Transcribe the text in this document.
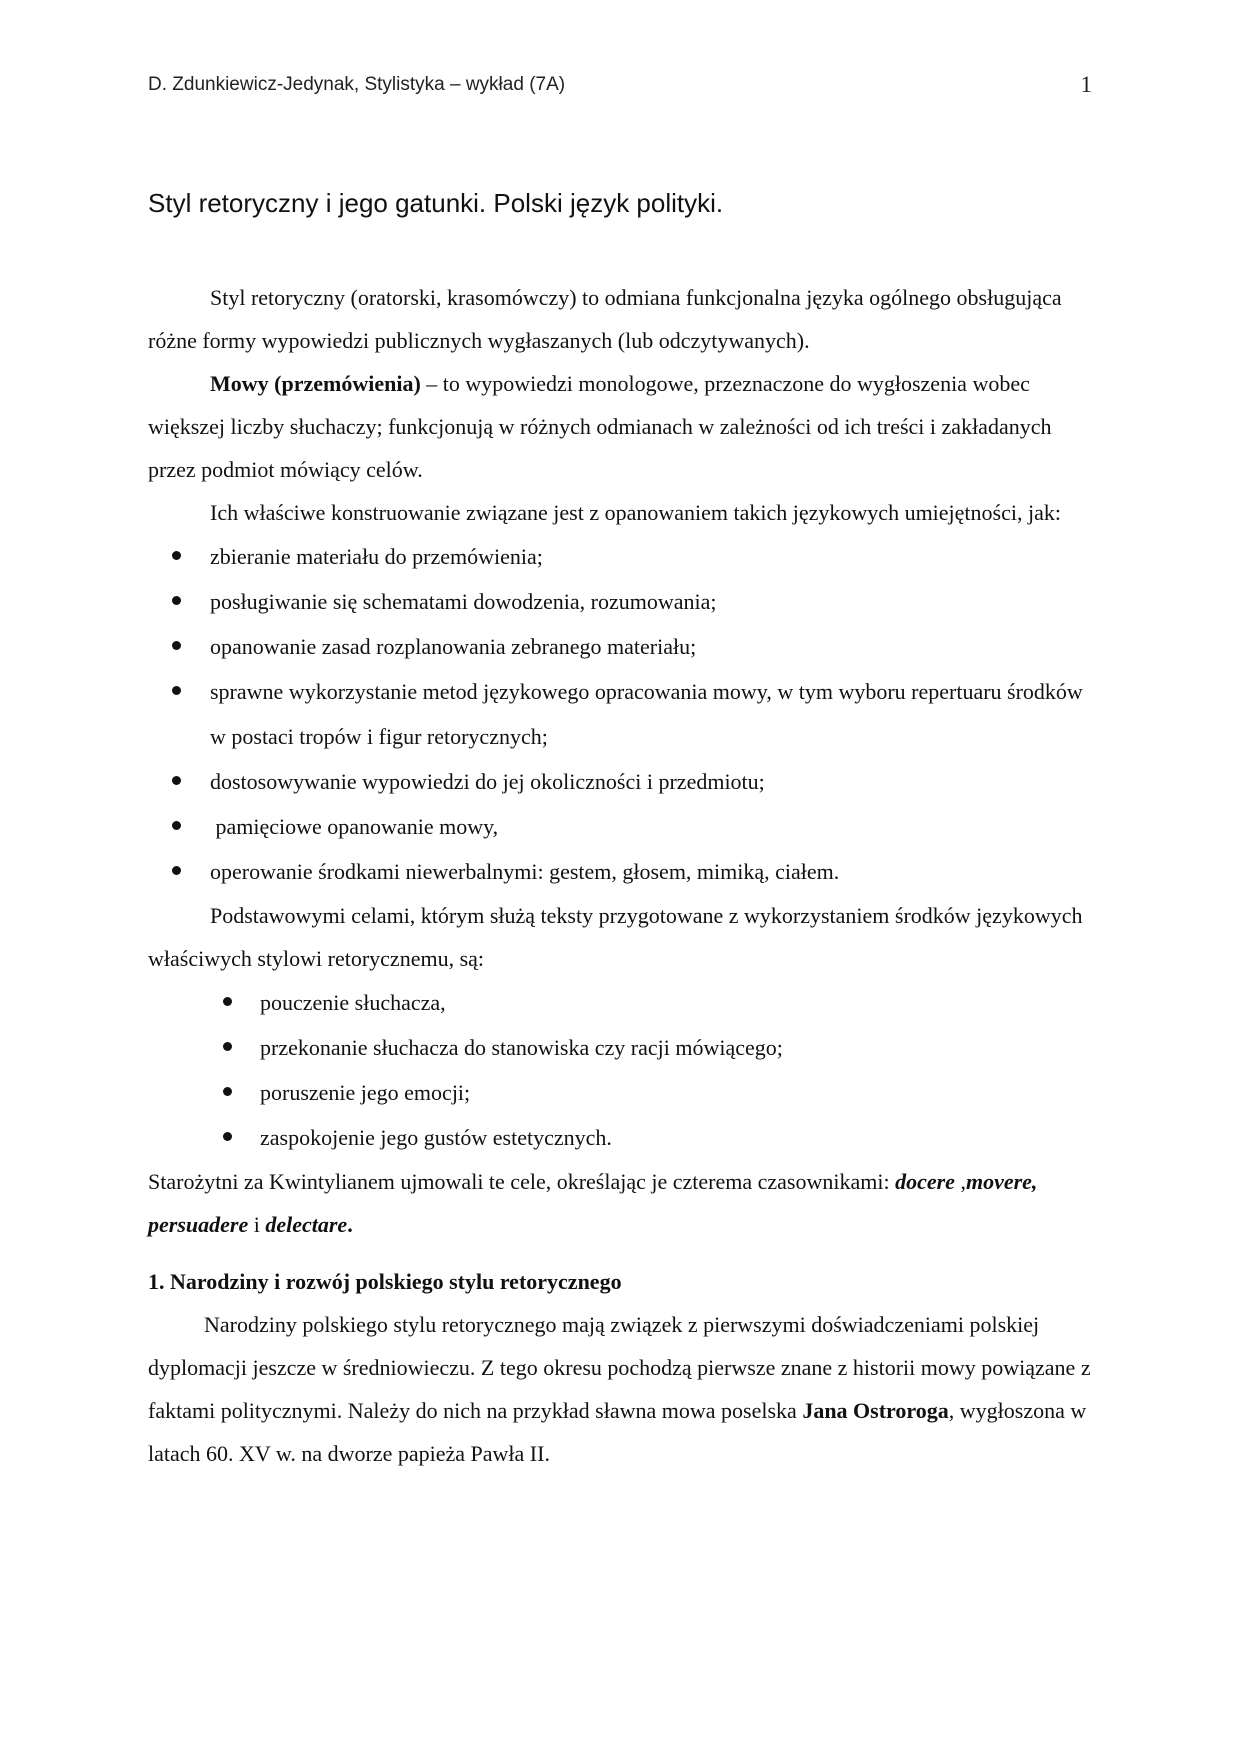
D. Zdunkiewicz-Jedynak, Stylistyka – wykład (7A)	1
Styl retoryczny i jego gatunki. Polski język polityki.

Styl retoryczny (oratorski, krasomówczy) to odmiana funkcjonalna języka ogólnego obsługująca różne formy wypowiedzi publicznych wygłaszanych (lub odczytywanych).

Mowy (przemówienia) – to wypowiedzi monologowe, przeznaczone do wygłoszenia wobec większej liczby słuchaczy; funkcjonują w różnych odmianach w zależności od ich treści i zakładanych przez podmiot mówiący celów.

Ich właściwe konstruowanie związane jest z opanowaniem takich językowych umiejętności, jak:

zbieranie materiału do przemówienia;
posługiwanie się schematami dowodzenia, rozumowania;
opanowanie zasad rozplanowania zebranego materiału;
sprawne wykorzystanie metod językowego opracowania mowy, w tym wyboru repertuaru środków w postaci tropów i figur retorycznych;
dostosowywanie wypowiedzi do jej okoliczności i przedmiotu;
pamięciowe opanowanie mowy,
operowanie środkami niewerbalnymi: gestem, głosem, mimiką, ciałem.

Podstawowymi celami, którym służą teksty przygotowane z wykorzystaniem środków językowych właściwych stylowi retorycznemu, są:

pouczenie słuchacza,
przekonanie słuchacza do stanowiska czy racji mówiącego;
poruszenie jego emocji;
zaspokojenie jego gustów estetycznych.

Starożytni za Kwintylianem ujmowali te cele, określając je czterema czasownikami: docere ,movere, persuadere i delectare.

1. Narodziny i rozwój polskiego stylu retorycznego

Narodziny polskiego stylu retorycznego mają związek z pierwszymi doświadczeniami polskiej dyplomacji jeszcze w średniowieczu. Z tego okresu pochodzą pierwsze znane z historii mowy powiązane z faktami politycznymi. Należy do nich na przykład sławna mowa poselska Jana Ostroroga, wygłoszona w latach 60. XV w. na dworze papieża Pawła II.
